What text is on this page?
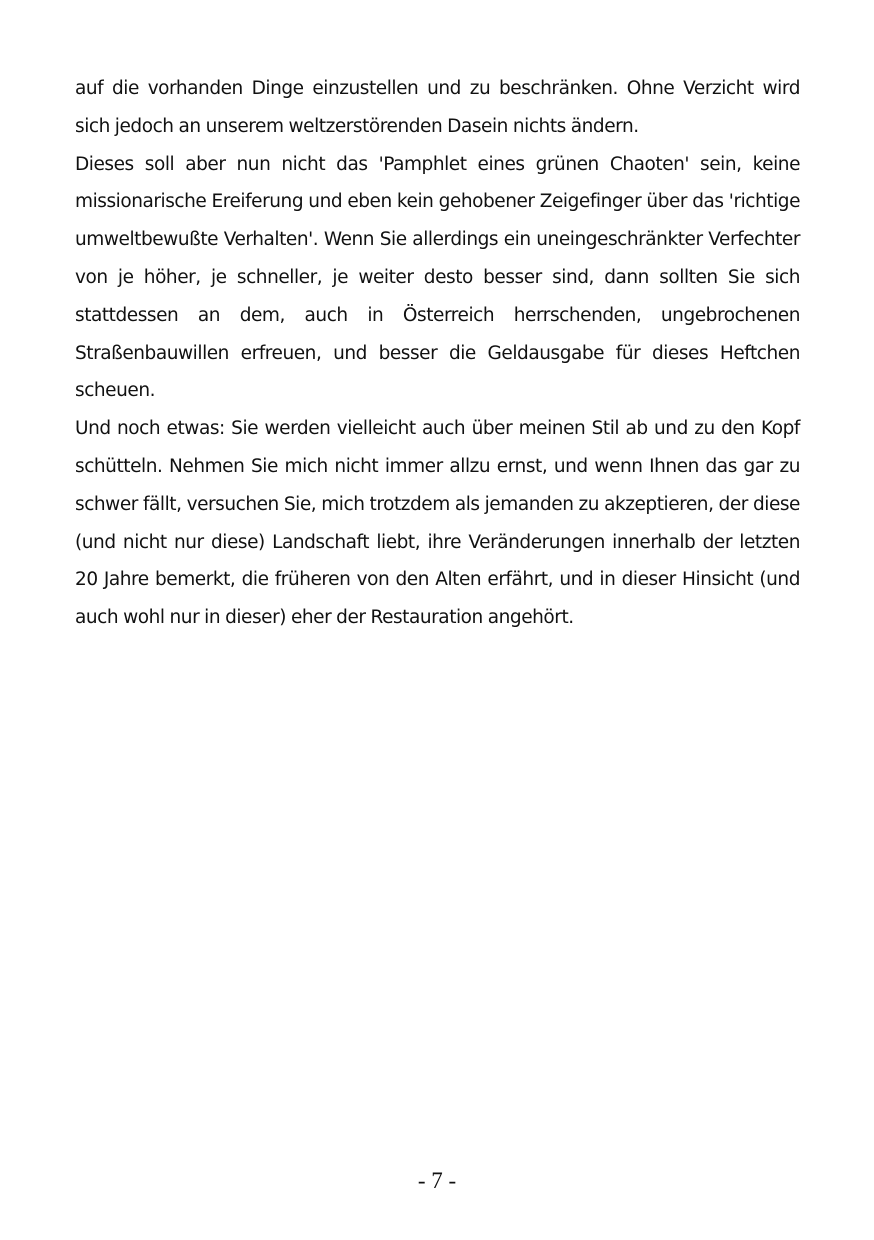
auf die vorhanden Dinge einzustellen und zu beschränken. Ohne Verzicht wird sich jedoch an unserem weltzerstörenden Dasein nichts ändern.

Dieses soll aber nun nicht das 'Pamphlet eines grünen Chaoten' sein, keine missionarische Ereiferung und eben kein gehobener Zeigefinger über das 'richtige umweltbewußte Verhalten'. Wenn Sie allerdings ein uneingeschränkter Verfechter von je höher, je schneller, je weiter desto besser sind, dann sollten Sie sich stattdessen an dem, auch in Österreich herrschenden, ungebrochenen Straßenbauwillen erfreuen, und besser die Geldausgabe für dieses Heftchen scheuen.

Und noch etwas: Sie werden vielleicht auch über meinen Stil ab und zu den Kopf schütteln. Nehmen Sie mich nicht immer allzu ernst, und wenn Ihnen das gar zu schwer fällt, versuchen Sie, mich trotzdem als jemanden zu akzeptieren, der diese (und nicht nur diese) Landschaft liebt, ihre Veränderungen innerhalb der letzten 20 Jahre bemerkt, die früheren von den Alten erfährt, und in dieser Hinsicht (und auch wohl nur in dieser) eher der Restauration angehört.

- 7 -
